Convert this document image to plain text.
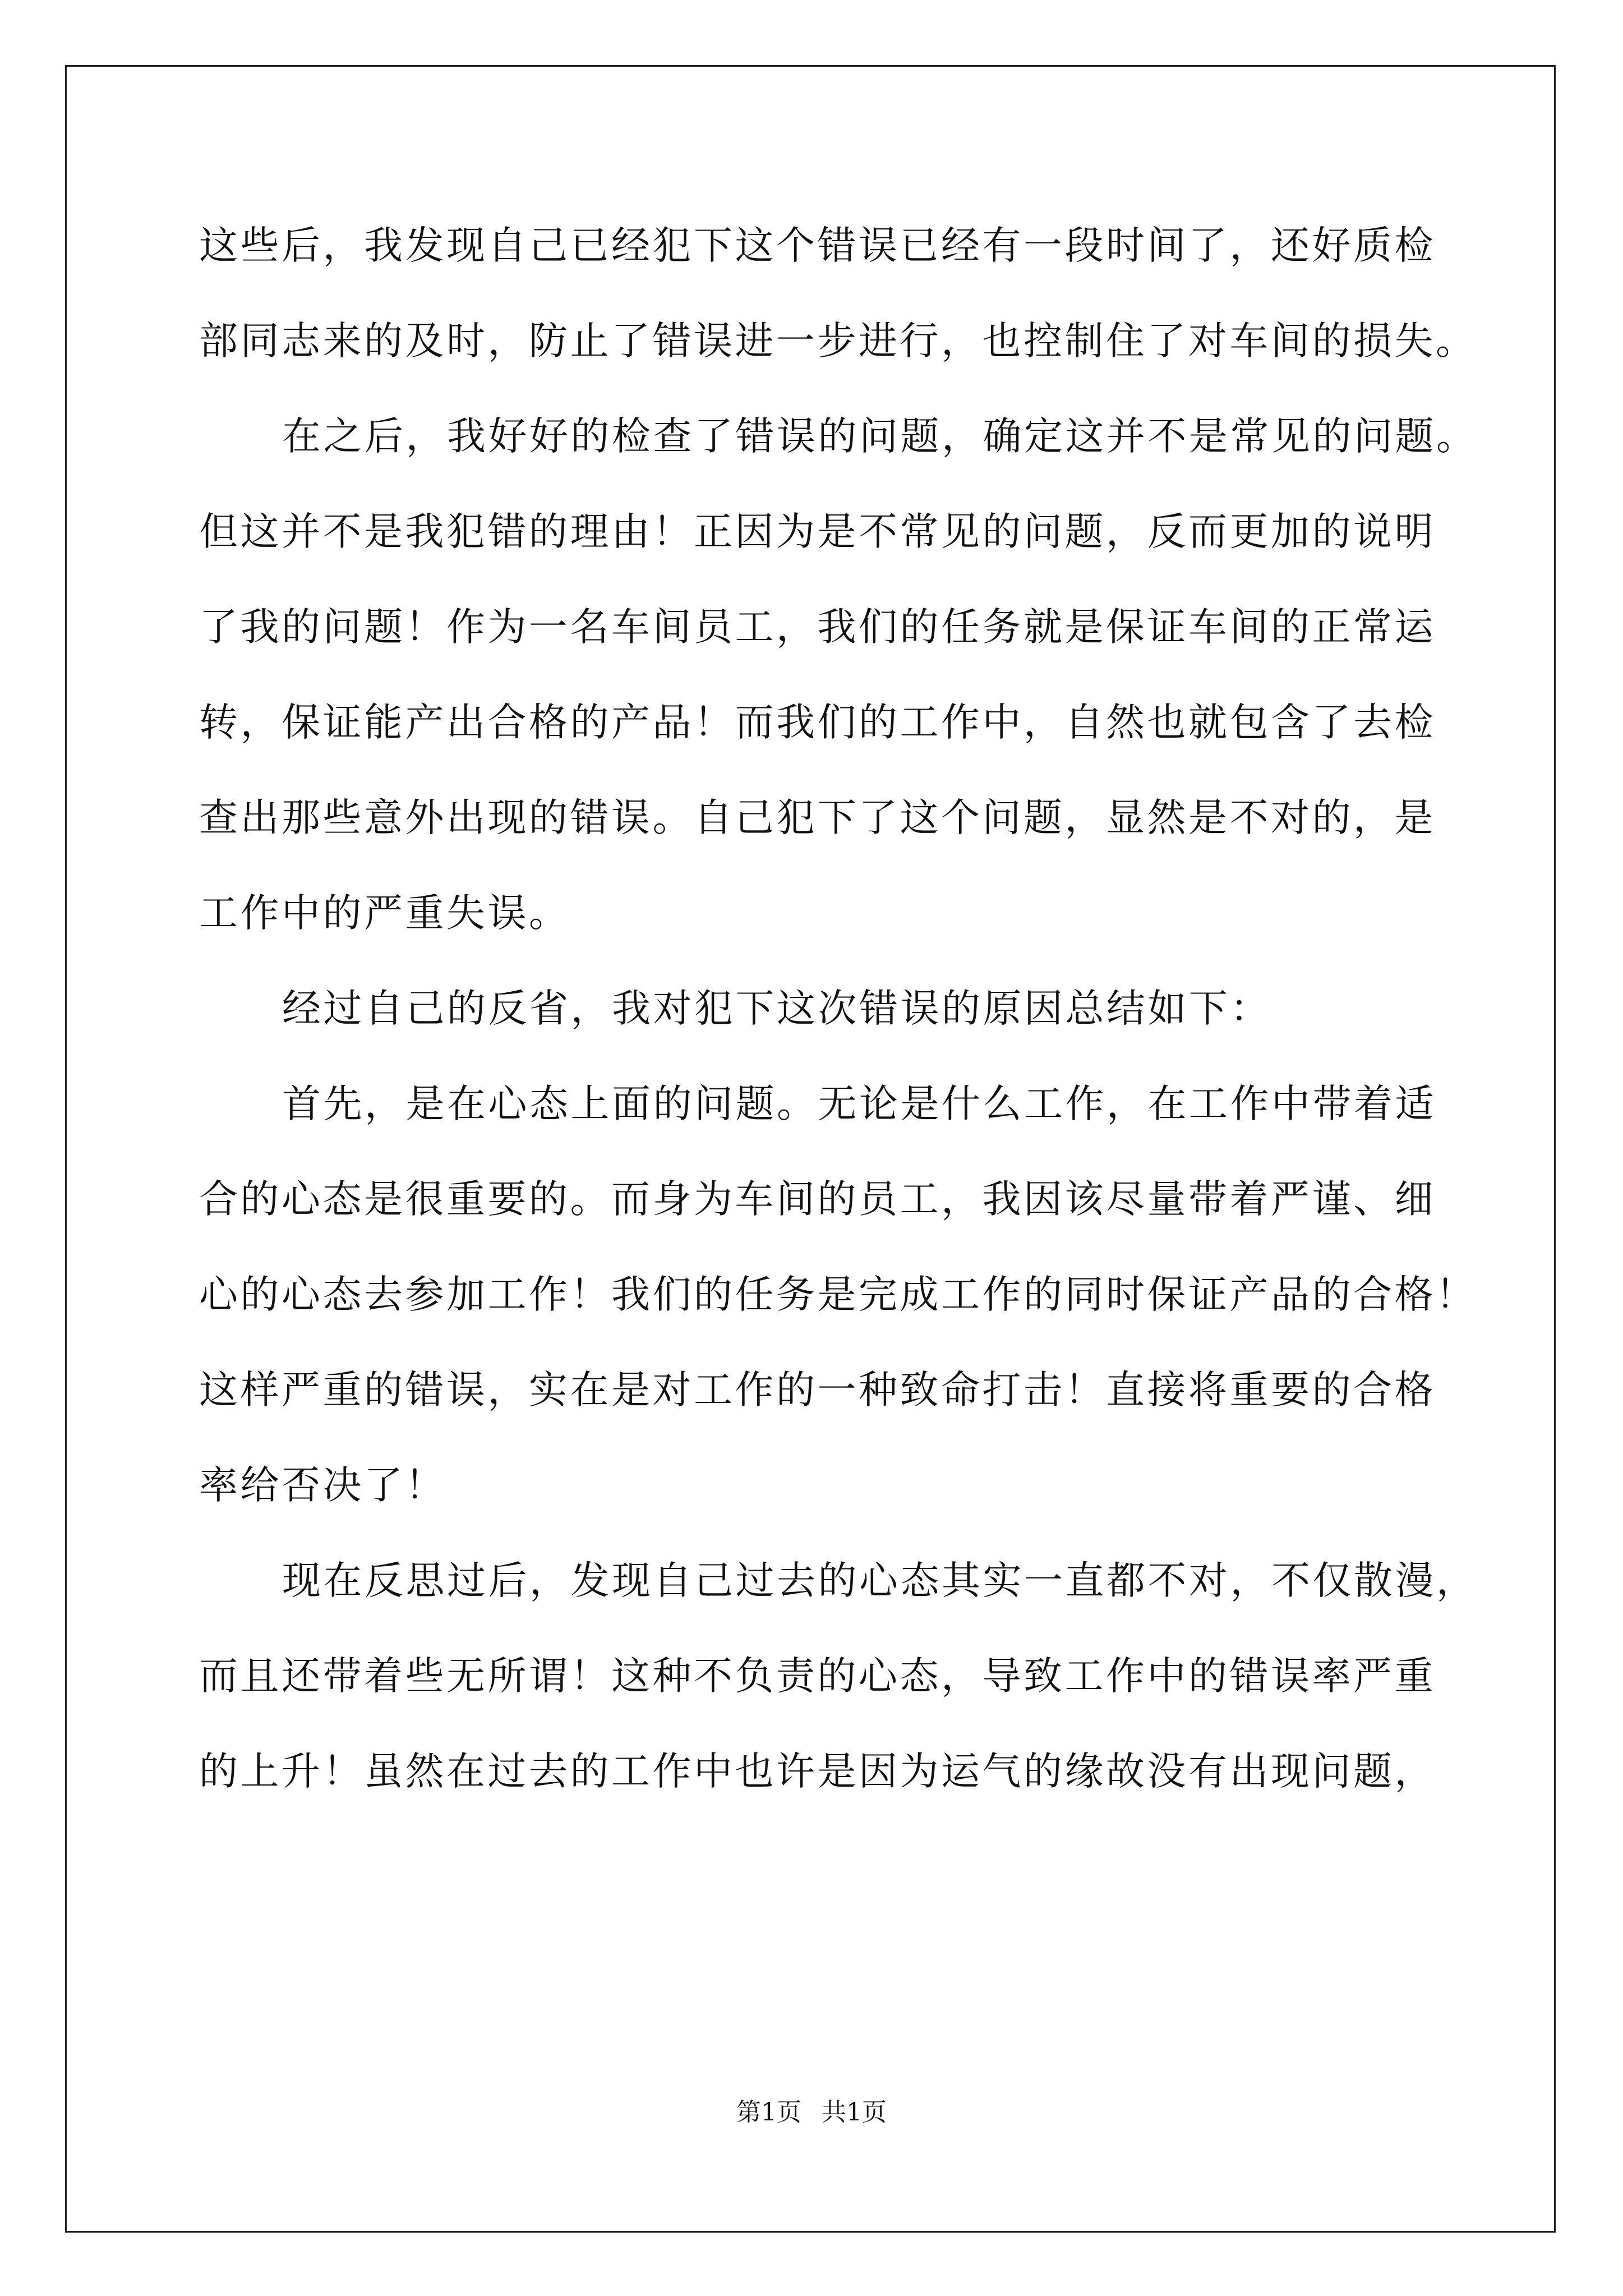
这些后，我发现自己已经犯下这个错误已经有一段时间了，还好质检
部同志来的及时，防止了错误进一步进行，也控制住了对车间的损失。
在之后，我好好的检查了错误的问题，确定这并不是常见的问题。
但这并不是我犯错的理由！正因为是不常见的问题，反而更加的说明
了我的问题！作为一名车间员工，我们的任务就是保证车间的正常运
转，保证能产出合格的产品！而我们的工作中，自然也就包含了去检
查出那些意外出现的错误。自己犯下了这个问题，显然是不对的，是
工作中的严重失误。
经过自己的反省，我对犯下这次错误的原因总结如下：
首先，是在心态上面的问题。无论是什么工作，在工作中带着适
合的心态是很重要的。而身为车间的员工，我因该尽量带着严谨、细
心的心态去参加工作！我们的任务是完成工作的同时保证产品的合格！
这样严重的错误，实在是对工作的一种致命打击！直接将重要的合格
率给否决了！
现在反思过后，发现自己过去的心态其实一直都不对，不仅散漫，
而且还带着些无所谓！这种不负责的心态，导致工作中的错误率严重
的上升！虽然在过去的工作中也许是因为运气的缘故没有出现问题，
第1页 共1页
